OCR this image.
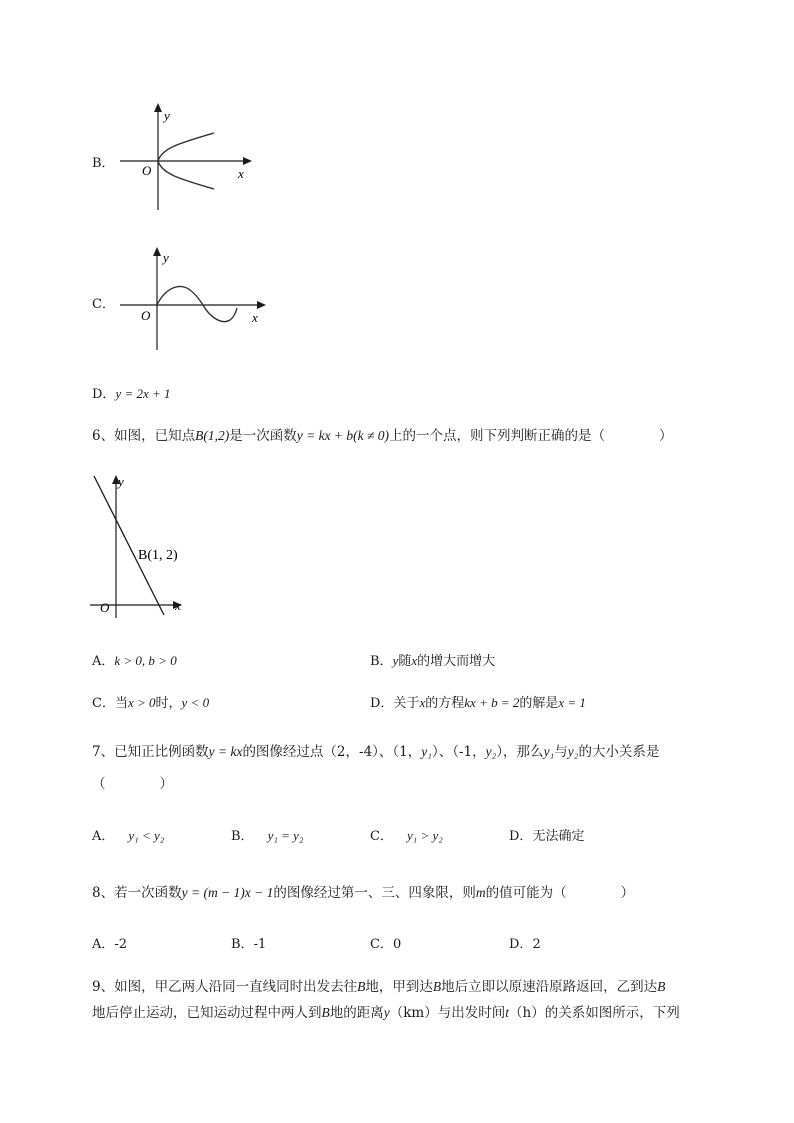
B．
y
x
O
C．
y
x
O
D．y = 2x + 1
6、如图，已知点B(1,2)是一次函数y = kx + b(k ≠ 0)上的一个点，则下列判断正确的是（　　　　）
y
x
O
B(1, 2)
A．k > 0, b > 0	B．y随x的增大而增大
C．当x > 0时，y < 0	D．关于x的方程kx + b = 2的解是x = 1
7、已知正比例函数y = kx的图像经过点（2，-4）、（1，y₁）、（-1，y₂），那么y₁与y₂的大小关系是
（　　　　）
A． y₁ < y₂	B． y₁ = y₂	C． y₁ > y₂	D．无法确定
8、若一次函数y = (m − 1)x − 1的图像经过第一、三、四象限，则m的值可能为（　　　　）
A．-2	B．-1	C．0	D．2
9、如图，甲乙两人沿同一直线同时出发去往B地，甲到达B地后立即以原速沿原路返回，乙到达B
地后停止运动，已知运动过程中两人到B地的距离y（km）与出发时间t（h）的关系如图所示，下列
